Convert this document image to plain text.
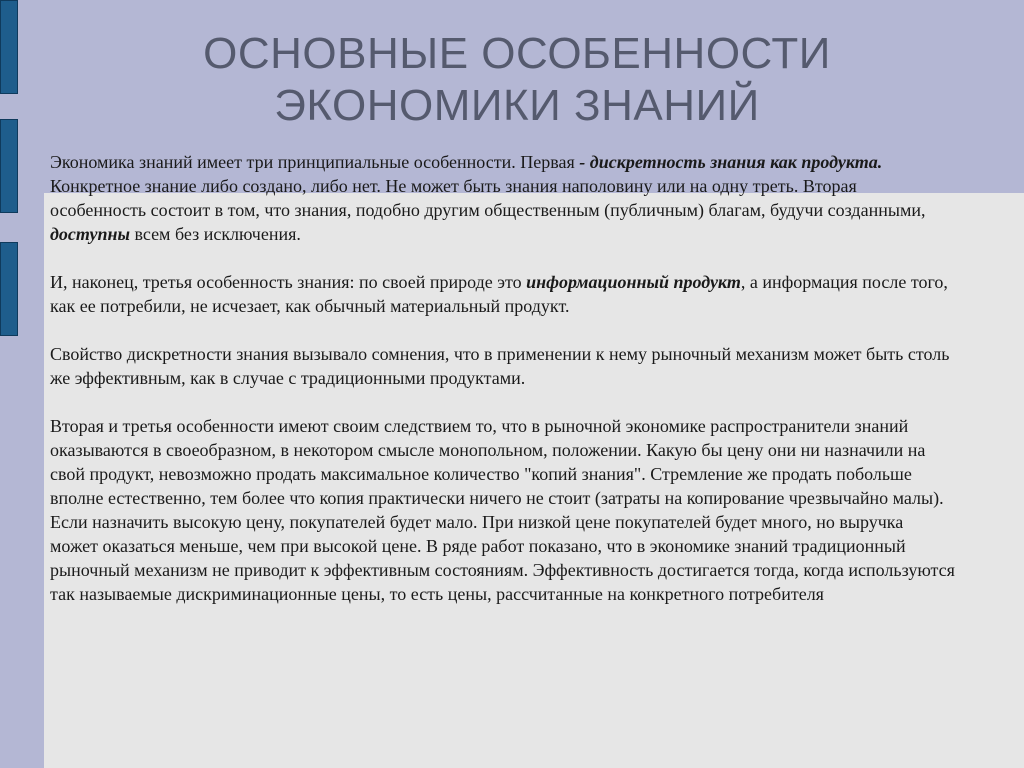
ОСНОВНЫЕ ОСОБЕННОСТИ
ЭКОНОМИКИ ЗНАНИЙ

Экономика знаний имеет три принципиальные особенности. Первая - дискретность знания как продукта. Конкретное знание либо создано, либо нет. Не может быть знания наполовину или на одну треть. Вторая особенность состоит в том, что знания, подобно другим общественным (публичным) благам, будучи созданными, доступны всем без исключения.

И, наконец, третья особенность знания: по своей природе это информационный продукт, а информация после того, как ее потребили, не исчезает, как обычный материальный продукт.

Свойство дискретности знания вызывало сомнения, что в применении к нему рыночный механизм может быть столь же эффективным, как в случае с традиционными продуктами.

Вторая и третья особенности имеют своим следствием то, что в рыночной экономике распространители знаний оказываются в своеобразном, в некотором смысле монопольном, положении. Какую бы цену они ни назначили на свой продукт, невозможно продать максимальное количество "копий знания". Стремление же продать побольше вполне естественно, тем более что копия практически ничего не стоит (затраты на копирование чрезвычайно малы). Если назначить высокую цену, покупателей будет мало. При низкой цене покупателей будет много, но выручка может оказаться меньше, чем при высокой цене. В ряде работ показано, что в экономике знаний традиционный рыночный механизм не приводит к эффективным состояниям. Эффективность достигается тогда, когда используются так называемые дискриминационные цены, то есть цены, рассчитанные на конкретного потребителя
